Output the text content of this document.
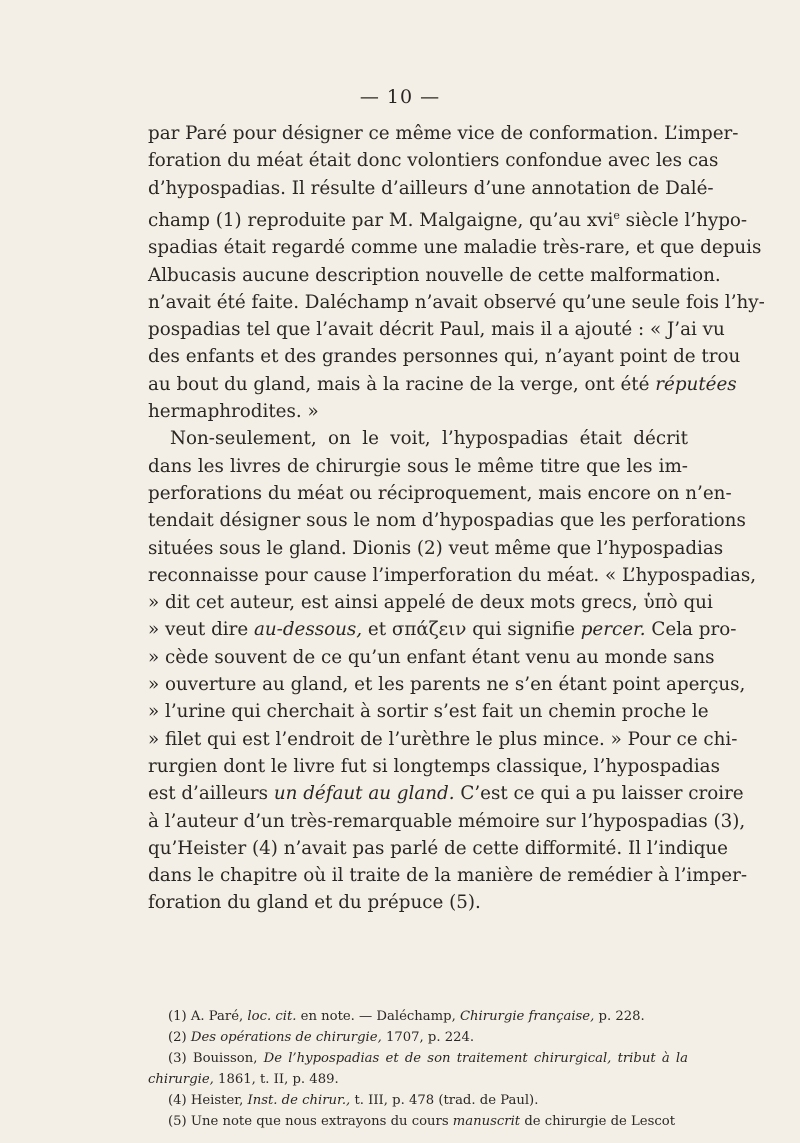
— 10 —
par Paré pour désigner ce même vice de conformation. L’imper-
foration du méat était donc volontiers confondue avec les cas
d’hypospadias. Il résulte d’ailleurs d’une annotation de Dalé-
champ (1) reproduite par M. Malgaigne, qu’au xvi$^e$ siècle l’hypo-
spadias était regardé comme une maladie très-rare, et que depuis
Albucasis aucune description nouvelle de cette malformation.
n’avait été faite. Daléchamp n’avait observé qu’une seule fois l’hy-
pospadias tel que l’avait décrit Paul, mais il a ajouté : « J’ai vu
des enfants et des grandes personnes qui, n’ayant point de trou
au bout du gland, mais à la racine de la verge, ont été réputées
hermaphrodites. »
Non-seulement, on le voit, l’hypospadias était décrit
dans les livres de chirurgie sous le même titre que les im-
perforations du méat ou réciproquement, mais encore on n’en-
tendait désigner sous le nom d’hypospadias que les perforations
situées sous le gland. Dionis (2) veut même que l’hypospadias
reconnaisse pour cause l’imperforation du méat. « L’hypospadias,
» dit cet auteur, est ainsi appelé de deux mots grecs, ὑπὸ qui
» veut dire au-dessous, et σπάζειν qui signifie percer. Cela pro-
» cède souvent de ce qu’un enfant étant venu au monde sans
» ouverture au gland, et les parents ne s’en étant point aperçus,
» l’urine qui cherchait à sortir s’est fait un chemin proche le
» filet qui est l’endroit de l’urèthre le plus mince. » Pour ce chi-
rurgien dont le livre fut si longtemps classique, l’hypospadias
est d’ailleurs un défaut au gland. C’est ce qui a pu laisser croire
à l’auteur d’un très-remarquable mémoire sur l’hypospadias (3),
qu’Heister (4) n’avait pas parlé de cette difformité. Il l’indique
dans le chapitre où il traite de la manière de remédier à l’imper-
foration du gland et du prépuce (5).
(1) A. Paré, loc. cit. en note. — Daléchamp, Chirurgie française, p. 228.
(2) Des opérations de chirurgie, 1707, p. 224.
(3) Bouisson, De l’hypospadias et de son traitement chirurgical, tribut à la
chirurgie, 1861, t. II, p. 489.
(4) Heister, Inst. de chirur., t. III, p. 478 (trad. de Paul).
(5) Une note que nous extrayons du cours manuscrit de chirurgie de Lescot
